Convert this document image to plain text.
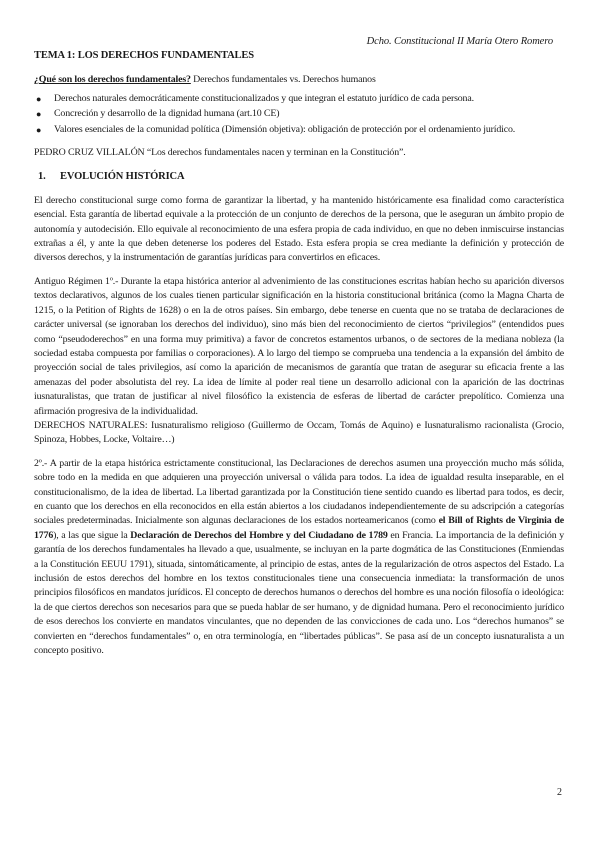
Dcho. Constitucional II María Otero Romero
TEMA 1: LOS DERECHOS FUNDAMENTALES

¿Qué son los derechos fundamentales? Derechos fundamentales vs. Derechos humanos

● Derechos naturales democráticamente constitucionalizados y que integran el estatuto jurídico de cada persona.
● Concreción y desarrollo de la dignidad humana (art.10 CE)
● Valores esenciales de la comunidad política (Dimensión objetiva): obligación de protección por el ordenamiento jurídico.

PEDRO CRUZ VILLALÓN “Los derechos fundamentales nacen y terminan en la Constitución”.

1. EVOLUCIÓN HISTÓRICA

El derecho constitucional surge como forma de garantizar la libertad, y ha mantenido históricamente esa finalidad como característica esencial. Esta garantía de libertad equivale a la protección de un conjunto de derechos de la persona, que le aseguran un ámbito propio de autonomía y autodecisión. Ello equivale al reconocimiento de una esfera propia de cada individuo, en que no deben inmiscuirse instancias extrañas a él, y ante la que deben detenerse los poderes del Estado. Esta esfera propia se crea mediante la definición y protección de diversos derechos, y la instrumentación de garantías jurídicas para convertirlos en eficaces.

Antiguo Régimen 1º.- Durante la etapa histórica anterior al advenimiento de las constituciones escritas habían hecho su aparición diversos textos declarativos, algunos de los cuales tienen particular significación en la historia constitucional británica (como la Magna Charta de 1215, o la Petition of Rights de 1628) o en la de otros países. Sin embargo, debe tenerse en cuenta que no se trataba de declaraciones de carácter universal (se ignoraban los derechos del individuo), sino más bien del reconocimiento de ciertos “privilegios” (entendidos pues como “pseudoderechos” en una forma muy primitiva) a favor de concretos estamentos urbanos, o de sectores de la mediana nobleza (la sociedad estaba compuesta por familias o corporaciones). A lo largo del tiempo se comprueba una tendencia a la expansión del ámbito de proyección social de tales privilegios, así como la aparición de mecanismos de garantía que tratan de asegurar su eficacia frente a las amenazas del poder absolutista del rey. La idea de límite al poder real tiene un desarrollo adicional con la aparición de las doctrinas iusnaturalistas, que tratan de justificar al nivel filosófico la existencia de esferas de libertad de carácter prepolítico. Comienza una afirmación progresiva de la individualidad.

DERECHOS NATURALES: Iusnaturalismo religioso (Guillermo de Occam, Tomás de Aquino) e Iusnaturalismo racionalista (Grocio, Spinoza, Hobbes, Locke, Voltaire…)

2º.- A partir de la etapa histórica estrictamente constitucional, las Declaraciones de derechos asumen una proyección mucho más sólida, sobre todo en la medida en que adquieren una proyección universal o válida para todos. La idea de igualdad resulta inseparable, en el constitucionalismo, de la idea de libertad. La libertad garantizada por la Constitución tiene sentido cuando es libertad para todos, es decir, en cuanto que los derechos en ella reconocidos en ella están abiertos a los ciudadanos independientemente de su adscripción a categorías sociales predeterminadas. Inicialmente son algunas declaraciones de los estados norteamericanos (como el Bill of Rights de Virginia de 1776), a las que sigue la Declaración de Derechos del Hombre y del Ciudadano de 1789 en Francia. La importancia de la definición y garantía de los derechos fundamentales ha llevado a que, usualmente, se incluyan en la parte dogmática de las Constituciones (Enmiendas a la Constitución EEUU 1791), situada, sintomáticamente, al principio de estas, antes de la regularización de otros aspectos del Estado. La inclusión de estos derechos del hombre en los textos constitucionales tiene una consecuencia inmediata: la transformación de unos principios filosóficos en mandatos jurídicos. El concepto de derechos humanos o derechos del hombre es una noción filosofía o ideológica: la de que ciertos derechos son necesarios para que se pueda hablar de ser humano, y de dignidad humana. Pero el reconocimiento jurídico de esos derechos los convierte en mandatos vinculantes, que no dependen de las convicciones de cada uno. Los “derechos humanos” se convierten en “derechos fundamentales” o, en otra terminología, en “libertades públicas”. Se pasa así de un concepto iusnaturalista a un concepto positivo.

2
